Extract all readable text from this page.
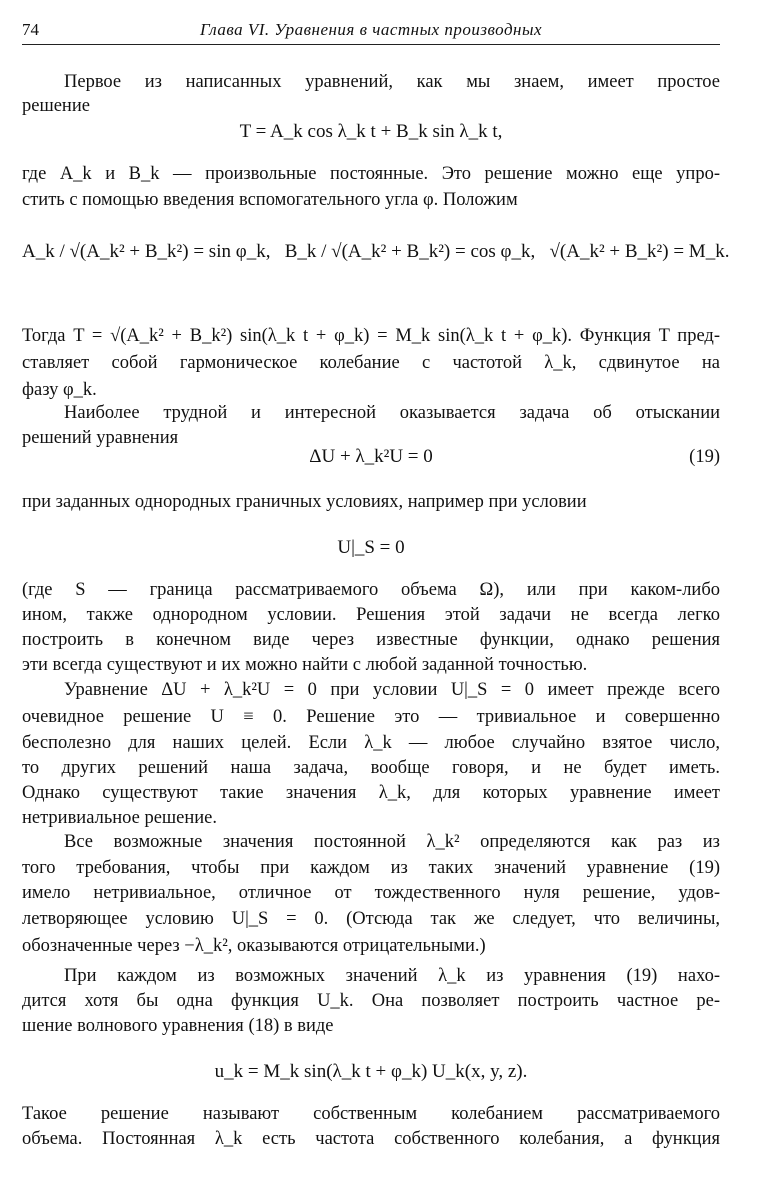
74	Глава VI. Уравнения в частных производных
Первое из написанных уравнений, как мы знаем, имеет простое
решение
T = A_k cos λ_k t + B_k sin λ_k t,
где A_k и B_k — произвольные постоянные. Это решение можно еще упро-
стить с помощью введения вспомогательного угла φ. Положим
A_k / √(A_k² + B_k²) = sin φ_k, B_k / √(A_k² + B_k²) = cos φ_k, √(A_k² + B_k²) = M_k.
Тогда T = √(A_k² + B_k²) sin(λ_k t + φ_k) = M_k sin(λ_k t + φ_k). Функция T пред-
ставляет собой гармоническое колебание с частотой λ_k, сдвинутое на
фазу φ_k.
Наиболее трудной и интересной оказывается задача об отыскании
решений уравнения
ΔU + λ_k²U = 0	(19)
при заданных однородных граничных условиях, например при условии
U|_S = 0
(где S — граница рассматриваемого объема Ω), или при каком-либо
ином, также однородном условии. Решения этой задачи не всегда легко
построить в конечном виде через известные функции, однако решения
эти всегда существуют и их можно найти с любой заданной точностью.
Уравнение ΔU + λ_k²U = 0 при условии U|_S = 0 имеет прежде всего
очевидное решение U ≡ 0. Решение это — тривиальное и совершенно
бесполезно для наших целей. Если λ_k — любое случайно взятое число,
то других решений наша задача, вообще говоря, и не будет иметь.
Однако существуют такие значения λ_k, для которых уравнение имеет
нетривиальное решение.
Все возможные значения постоянной λ_k² определяются как раз из
того требования, чтобы при каждом из таких значений уравнение (19)
имело нетривиальное, отличное от тождественного нуля решение, удов-
летворяющее условию U|_S = 0. (Отсюда так же следует, что величины,
обозначенные через −λ_k², оказываются отрицательными.)
При каждом из возможных значений λ_k из уравнения (19) нахо-
дится хотя бы одна функция U_k. Она позволяет построить частное ре-
шение волнового уравнения (18) в виде
u_k = M_k sin(λ_k t + φ_k) U_k(x, y, z).
Такое решение называют собственным колебанием рассматриваемого
объема. Постоянная λ_k есть частота собственного колебания, а функция
